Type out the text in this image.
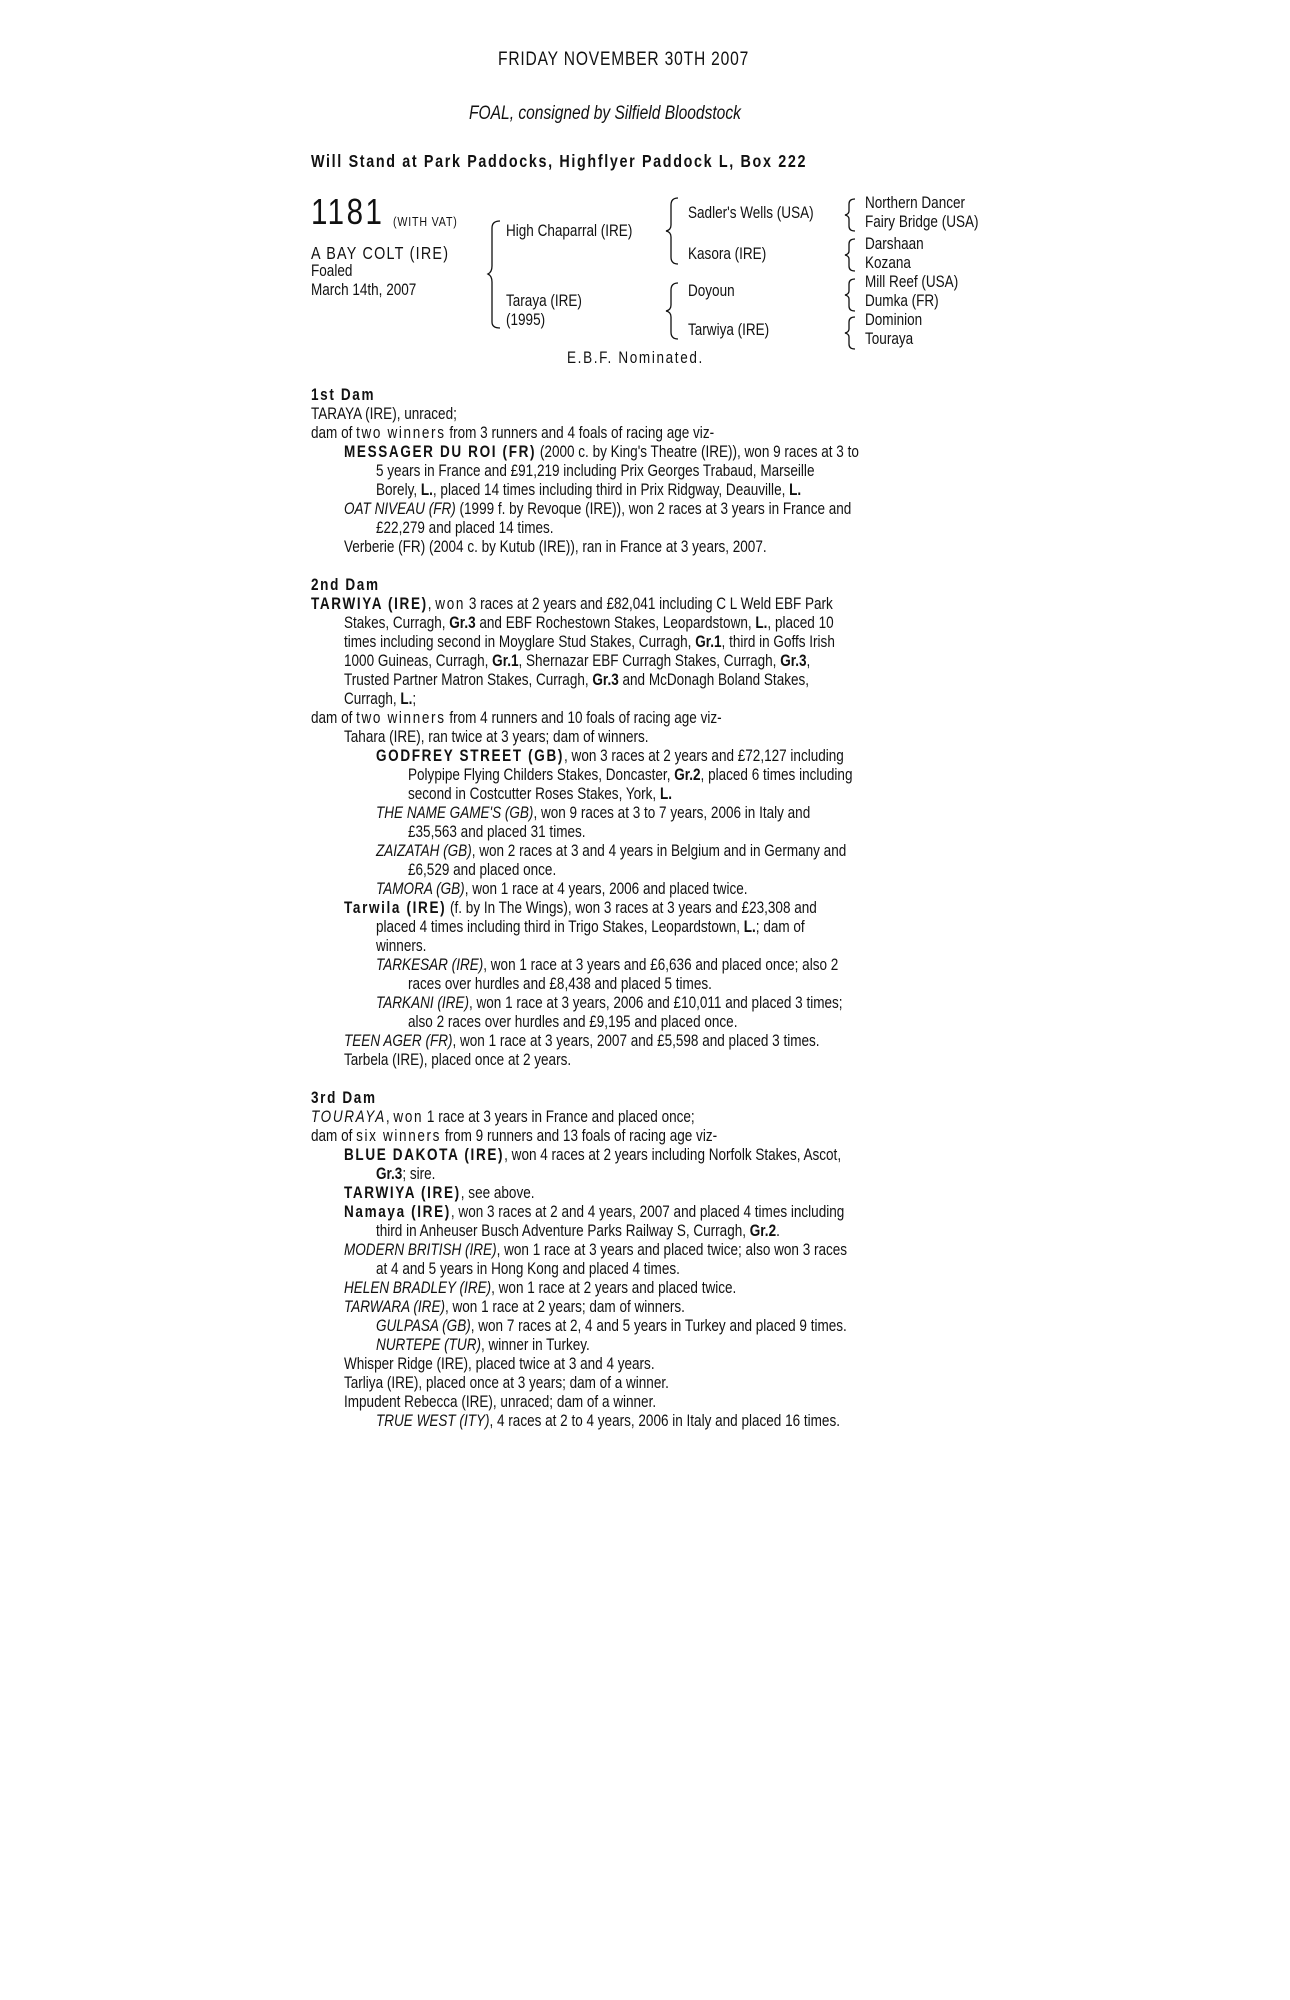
FRIDAY NOVEMBER 30TH 2007
FOAL, consigned by Silfield Bloodstock
Will Stand at Park Paddocks, Highflyer Paddock L, Box 222
1181 (WITH VAT)
A BAY COLT (IRE)
Foaled
March 14th, 2007
High Chaparral (IRE)
Taraya (IRE)
(1995)
Sadler's Wells (USA)
Kasora (IRE)
Doyoun
Tarwiya (IRE)
Northern Dancer
Fairy Bridge (USA)
Darshaan
Kozana
Mill Reef (USA)
Dumka (FR)
Dominion
Touraya
E.B.F. Nominated.
1st Dam
TARAYA (IRE), unraced;
dam of two winners from 3 runners and 4 foals of racing age viz-
MESSAGER DU ROI (FR) (2000 c. by King's Theatre (IRE)), won 9 races at 3 to
5 years in France and £91,219 including Prix Georges Trabaud, Marseille
Borely, L., placed 14 times including third in Prix Ridgway, Deauville, L.
OAT NIVEAU (FR) (1999 f. by Revoque (IRE)), won 2 races at 3 years in France and
£22,279 and placed 14 times.
Verberie (FR) (2004 c. by Kutub (IRE)), ran in France at 3 years, 2007.
2nd Dam
TARWIYA (IRE), won 3 races at 2 years and £82,041 including C L Weld EBF Park
Stakes, Curragh, Gr.3 and EBF Rochestown Stakes, Leopardstown, L., placed 10
times including second in Moyglare Stud Stakes, Curragh, Gr.1, third in Goffs Irish
1000 Guineas, Curragh, Gr.1, Shernazar EBF Curragh Stakes, Curragh, Gr.3,
Trusted Partner Matron Stakes, Curragh, Gr.3 and McDonagh Boland Stakes,
Curragh, L.;
dam of two winners from 4 runners and 10 foals of racing age viz-
Tahara (IRE), ran twice at 3 years; dam of winners.
GODFREY STREET (GB), won 3 races at 2 years and £72,127 including
Polypipe Flying Childers Stakes, Doncaster, Gr.2, placed 6 times including
second in Costcutter Roses Stakes, York, L.
THE NAME GAME'S (GB), won 9 races at 3 to 7 years, 2006 in Italy and
£35,563 and placed 31 times.
ZAIZATAH (GB), won 2 races at 3 and 4 years in Belgium and in Germany and
£6,529 and placed once.
TAMORA (GB), won 1 race at 4 years, 2006 and placed twice.
Tarwila (IRE) (f. by In The Wings), won 3 races at 3 years and £23,308 and
placed 4 times including third in Trigo Stakes, Leopardstown, L.; dam of
winners.
TARKESAR (IRE), won 1 race at 3 years and £6,636 and placed once; also 2
races over hurdles and £8,438 and placed 5 times.
TARKANI (IRE), won 1 race at 3 years, 2006 and £10,011 and placed 3 times;
also 2 races over hurdles and £9,195 and placed once.
TEEN AGER (FR), won 1 race at 3 years, 2007 and £5,598 and placed 3 times.
Tarbela (IRE), placed once at 2 years.
3rd Dam
TOURAYA, won 1 race at 3 years in France and placed once;
dam of six winners from 9 runners and 13 foals of racing age viz-
BLUE DAKOTA (IRE), won 4 races at 2 years including Norfolk Stakes, Ascot,
Gr.3; sire.
TARWIYA (IRE), see above.
Namaya (IRE), won 3 races at 2 and 4 years, 2007 and placed 4 times including
third in Anheuser Busch Adventure Parks Railway S, Curragh, Gr.2.
MODERN BRITISH (IRE), won 1 race at 3 years and placed twice; also won 3 races
at 4 and 5 years in Hong Kong and placed 4 times.
HELEN BRADLEY (IRE), won 1 race at 2 years and placed twice.
TARWARA (IRE), won 1 race at 2 years; dam of winners.
GULPASA (GB), won 7 races at 2, 4 and 5 years in Turkey and placed 9 times.
NURTEPE (TUR), winner in Turkey.
Whisper Ridge (IRE), placed twice at 3 and 4 years.
Tarliya (IRE), placed once at 3 years; dam of a winner.
Impudent Rebecca (IRE), unraced; dam of a winner.
TRUE WEST (ITY), 4 races at 2 to 4 years, 2006 in Italy and placed 16 times.
